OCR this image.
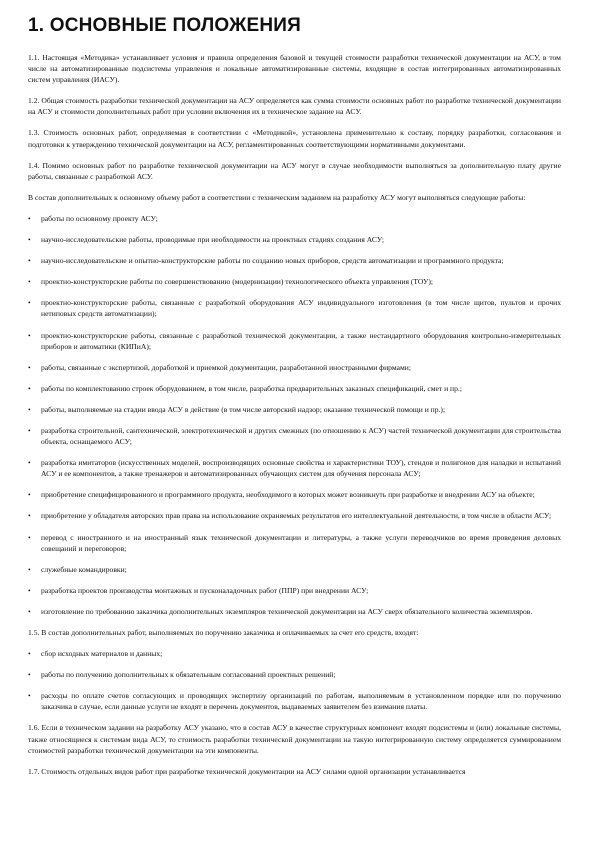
1. ОСНОВНЫЕ ПОЛОЖЕНИЯ

1.1. Настоящая «Методика» устанавливает условия и правила определения базовой и текущей стоимости разработки технической документации на АСУ, в том числе на автоматизированные подсистемы управления и локальные автоматизированные системы, входящие в состав интегрированных автоматизированных систем управления (ИАСУ).

1.2. Общая стоимость разработки технической документации на АСУ определяется как сумма стоимости основных работ по разработке технической документации на АСУ и стоимости дополнительных работ при условии включения их в техническое задание на АСУ.

1.3. Стоимость основных работ, определяемая в соответствии с «Методикой», установлена применительно к составу, порядку разработки, согласования и подготовки к утверждению технической документации на АСУ, регламентированных соответствующими нормативными документами.

1.4. Помимо основных работ по разработке технической документации на АСУ могут в случае необходимости выполняться за дополнительную плату другие работы, связанные с разработкой АСУ.

В состав дополнительных к основному объему работ в соответствии с техническим заданием на разработку АСУ могут выполняться следующие работы:

• работы по основному проекту АСУ;
• научно-исследовательские работы, проводимые при необходимости на проектных стадиях создания АСУ;
• научно-исследовательские и опытно-конструкторские работы по созданию новых приборов, средств автоматизации и программного продукта;
• проектно-конструкторские работы по совершенствованию (модернизации) технологического объекта управления (ТОУ);
• проектно-конструкторские работы, связанные с разработкой оборудования АСУ индивидуального изготовления (в том числе щитов, пультов и прочих нетиповых средств автоматизации);
• проектно-конструкторские работы, связанные с разработкой технической документации, а также нестандартного оборудования контрольно-измерительных приборов и автоматики (КИПиА);
• работы, связанные с экспертизой, доработкой и приемкой документации, разработанной иностранными фирмами;
• работы по комплектованию строек оборудованием, в том числе, разработка предварительных заказных спецификаций, смет и пр.;
• работы, выполняемые на стадии ввода АСУ в действие (в том числе авторский надзор; оказание технической помощи и пр.);
• разработка строительной, сантехнической, электротехнической и других смежных (по отношению к АСУ) частей технической документации для строительства объекта, оснащаемого АСУ;
• разработка имитаторов (искусственных моделей, воспроизводящих основные свойства и характеристики ТОУ), стендов и полигонов для наладки и испытаний АСУ и ее компонентов, а также тренажеров и автоматизированных обучающих систем для обучения персонала АСУ;
• приобретение специфицированного и программного продукта, необходимого в которых может возникнуть при разработке и внедрении АСУ на объекте;
• приобретение у обладателя авторских прав права на использование охраняемых результатов его интеллектуальной деятельности, в том числе в области АСУ;
• перевод с иностранного и на иностранный язык технической документации и литературы, а также услуги переводчиков во время проведения деловых совещаний и переговоров;
• служебные командировки;
• разработка проектов производства монтажных и пусконаладочных работ (ППР) при внедрении АСУ;
• изготовление по требованию заказчика дополнительных экземпляров технической документации на АСУ сверх обязательного количества экземпляров.

1.5. В состав дополнительных работ, выполняемых по поручению заказчика и оплачиваемых за счет его средств, входят:

• сбор исходных материалов и данных;
• работы по получению дополнительных к обязательным согласований проектных решений;
• расходы по оплате счетов согласующих и проводящих экспертизу организаций по работам, выполняемым в установленном порядке или по поручению заказчика в случае, если данные услуги не входят в перечень документов, выдаваемых заявителем без взимания платы.

1.6. Если в техническом задании на разработку АСУ указано, что в состав АСУ в качестве структурных компонент входят подсистемы и (или) локальные системы, также относящиеся к системам вида АСУ, то стоимость разработки технической документации на такую интегрированную систему определяется суммированием стоимостей разработки технической документации на эти компоненты.

1.7. Стоимость отдельных видов работ при разработке технической документации на АСУ силами одной организации устанавливается
